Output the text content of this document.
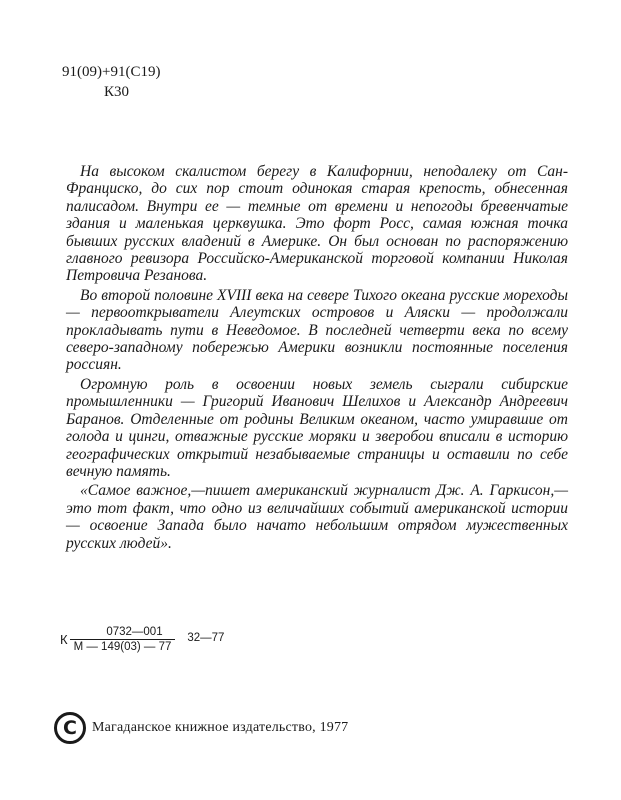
91(09)+91(С19)
К30

На высоком скалистом берегу в Калифорнии, неподалеку от Сан-Франциско, до сих пор стоит одинокая старая крепость, обнесенная палисадом. Внутри ее — темные от времени и непогоды бревенчатые здания и маленькая церквушка. Это форт Росс, самая южная точка бывших русских владений в Америке. Он был основан по распоряжению главного ревизора Российско-Американской торговой компании Николая Петровича Резанова.

Во второй половине XVIII века на севере Тихого океана русские мореходы — первооткрыватели Алеутских островов и Аляски — продолжали прокладывать пути в Неведомое. В последней четверти века по всему северо-западному побережью Америки возникли постоянные поселения россиян.

Огромную роль в освоении новых земель сыграли сибирские промышленники — Григорий Иванович Шелихов и Александр Андреевич Баранов. Отделенные от родины Великим океаном, часто умиравшие от голода и цинги, отважные русские моряки и зверобои вписали в историю географических открытий незабываемые страницы и оставили по себе вечную память.

«Самое важное,—пишет американский журналист Дж. А. Гаркисон,— это тот факт, что одно из величайших событий американской истории — освоение Запада было начато небольшим отрядом мужественных русских людей».

К $\frac{0732—001}{М — 149(03) — 77}$ 32—77
C	Магаданское книжное издательство, 1977
